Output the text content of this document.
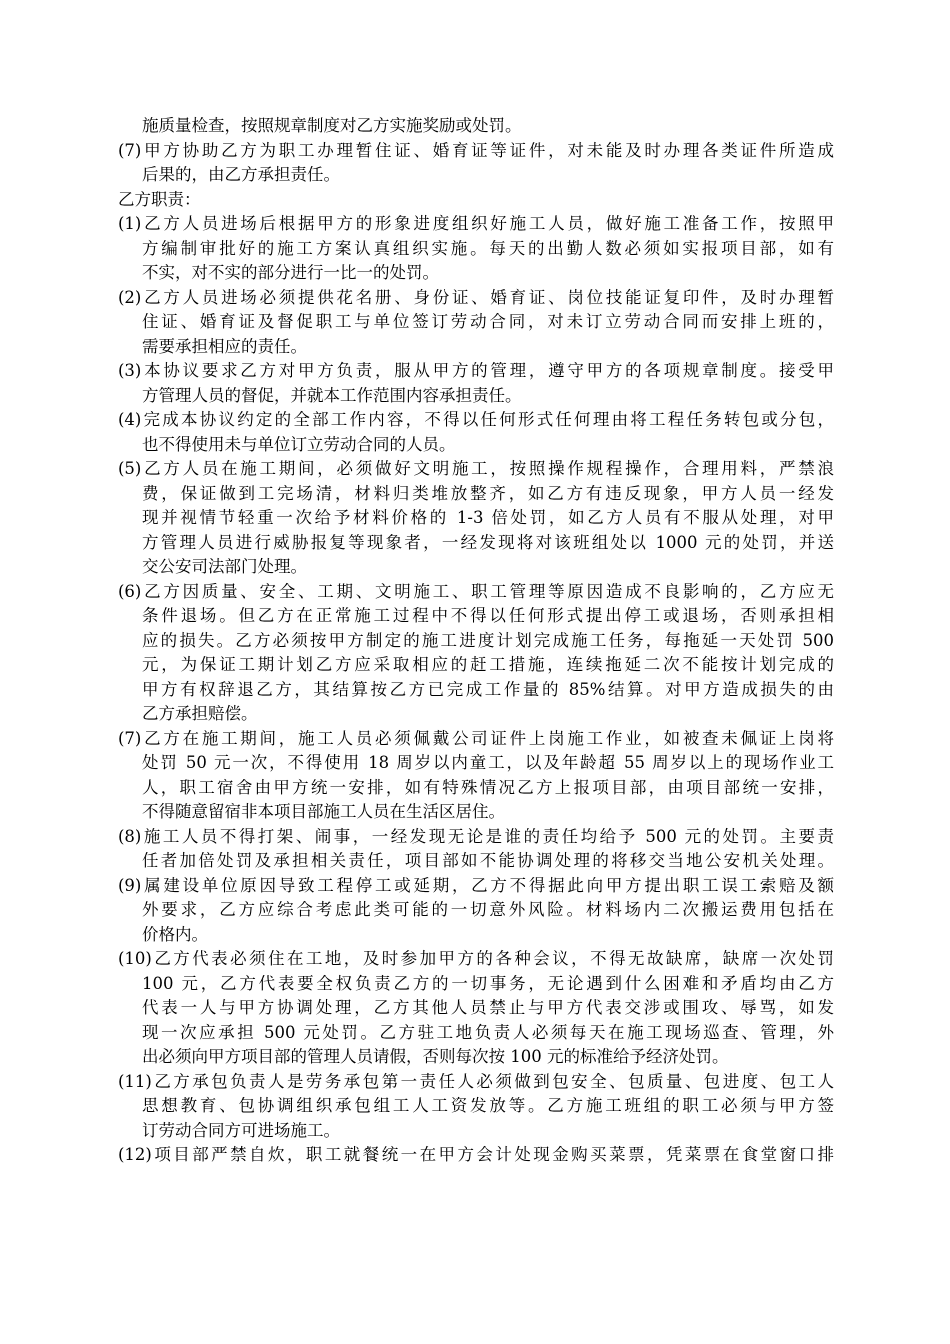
施质量检查，按照规章制度对乙方实施奖励或处罚。
(7)甲方协助乙方为职工办理暂住证、婚育证等证件，对未能及时办理各类证件所造成
后果的，由乙方承担责任。
乙方职责：
(1)乙方人员进场后根据甲方的形象进度组织好施工人员，做好施工准备工作，按照甲
方编制审批好的施工方案认真组织实施。每天的出勤人数必须如实报项目部，如有
不实，对不实的部分进行一比一的处罚。
(2)乙方人员进场必须提供花名册、身份证、婚育证、岗位技能证复印件，及时办理暂
住证、婚育证及督促职工与单位签订劳动合同，对未订立劳动合同而安排上班的，
需要承担相应的责任。
(3)本协议要求乙方对甲方负责，服从甲方的管理，遵守甲方的各项规章制度。接受甲
方管理人员的督促，并就本工作范围内容承担责任。
(4)完成本协议约定的全部工作内容，不得以任何形式任何理由将工程任务转包或分包，
也不得使用未与单位订立劳动合同的人员。
(5)乙方人员在施工期间，必须做好文明施工，按照操作规程操作，合理用料，严禁浪
费，保证做到工完场清，材料归类堆放整齐，如乙方有违反现象，甲方人员一经发
现并视情节轻重一次给予材料价格的 1-3 倍处罚，如乙方人员有不服从处理，对甲
方管理人员进行威胁报复等现象者，一经发现将对该班组处以 1000 元的处罚，并送
交公安司法部门处理。
(6)乙方因质量、安全、工期、文明施工、职工管理等原因造成不良影响的，乙方应无
条件退场。但乙方在正常施工过程中不得以任何形式提出停工或退场，否则承担相
应的损失。乙方必须按甲方制定的施工进度计划完成施工任务，每拖延一天处罚 500
元，为保证工期计划乙方应采取相应的赶工措施，连续拖延二次不能按计划完成的
甲方有权辞退乙方，其结算按乙方已完成工作量的 85%结算。对甲方造成损失的由
乙方承担赔偿。
(7)乙方在施工期间，施工人员必须佩戴公司证件上岗施工作业，如被查未佩证上岗将
处罚 50 元一次，不得使用 18 周岁以内童工，以及年龄超 55 周岁以上的现场作业工
人，职工宿舍由甲方统一安排，如有特殊情况乙方上报项目部，由项目部统一安排，
不得随意留宿非本项目部施工人员在生活区居住。
(8)施工人员不得打架、闹事，一经发现无论是谁的责任均给予 500 元的处罚。主要责
任者加倍处罚及承担相关责任，项目部如不能协调处理的将移交当地公安机关处理。
(9)属建设单位原因导致工程停工或延期，乙方不得据此向甲方提出职工误工索赔及额
外要求，乙方应综合考虑此类可能的一切意外风险。材料场内二次搬运费用包括在
价格内。
(10)乙方代表必须住在工地，及时参加甲方的各种会议，不得无故缺席，缺席一次处罚
100 元，乙方代表要全权负责乙方的一切事务，无论遇到什么困难和矛盾均由乙方
代表一人与甲方协调处理，乙方其他人员禁止与甲方代表交涉或围攻、辱骂，如发
现一次应承担 500 元处罚。乙方驻工地负责人必须每天在施工现场巡查、管理，外
出必须向甲方项目部的管理人员请假，否则每次按 100 元的标准给予经济处罚。
(11)乙方承包负责人是劳务承包第一责任人必须做到包安全、包质量、包进度、包工人
思想教育、包协调组织承包组工人工资发放等。乙方施工班组的职工必须与甲方签
订劳动合同方可进场施工。
(12)项目部严禁自炊，职工就餐统一在甲方会计处现金购买菜票，凭菜票在食堂窗口排
